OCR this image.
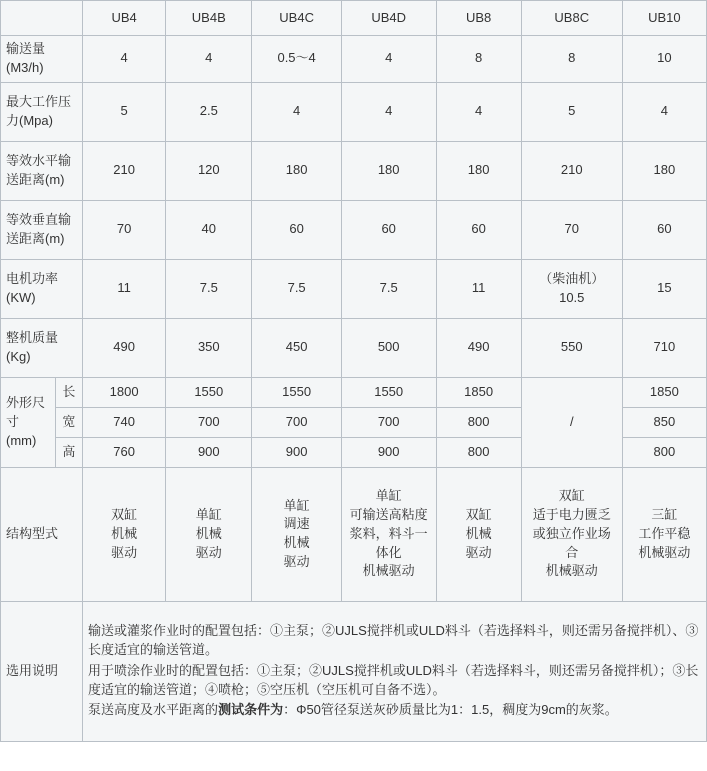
		UB4	UB4B	UB4C	UB4D	UB8	UB8C	UB10
输送量(M3/h)		4	4	0.5～4	4	8	8	10
最大工作压力(Mpa)		5	2.5	4	4	4	5	4
等效水平输送距离(m)		210	120	180	180	180	210	180
等效垂直输送距离(m)		70	40	60	60	60	70	60
电机功率(KW)		11	7.5	7.5	7.5	11	（柴油机）10.5	15
整机质量(Kg)		490	350	450	500	490	550	710

外形尺
寸
(mm)	长	1800	1550	1550	1550	1850	/	1850
	宽	740	700	700	700	800		850
	高	760	900	900	900	800		800
结构型式		双缸
机械
驱动	单缸
机械
驱动	单缸
调速
机械
驱动	单缸
可输送高粘度浆料，料斗一体化
机械驱动	双缸
机械
驱动	双缸
适于电力匮乏或独立作业场合
机械驱动	三缸
工作平稳
机械驱动
选用说明		输送或灌浆作业时的配置包括：①主泵；②UJLS搅拌机或ULD料斗（若选择料斗，则还需另备搅拌机）、③长度适宜的输送管道。

用于喷涂作业时的配置包括：①主泵；②UJLS搅拌机或ULD料斗（若选择料斗，则还需另备搅拌机）；③长度适宜的输送管道；④喷枪；⑤空压机（空压机可自备不选）。

泵送高度及水平距离的测试条件为：Φ50管径泵送灰砂质量比为1：1.5，稠度为9cm的灰浆。						
